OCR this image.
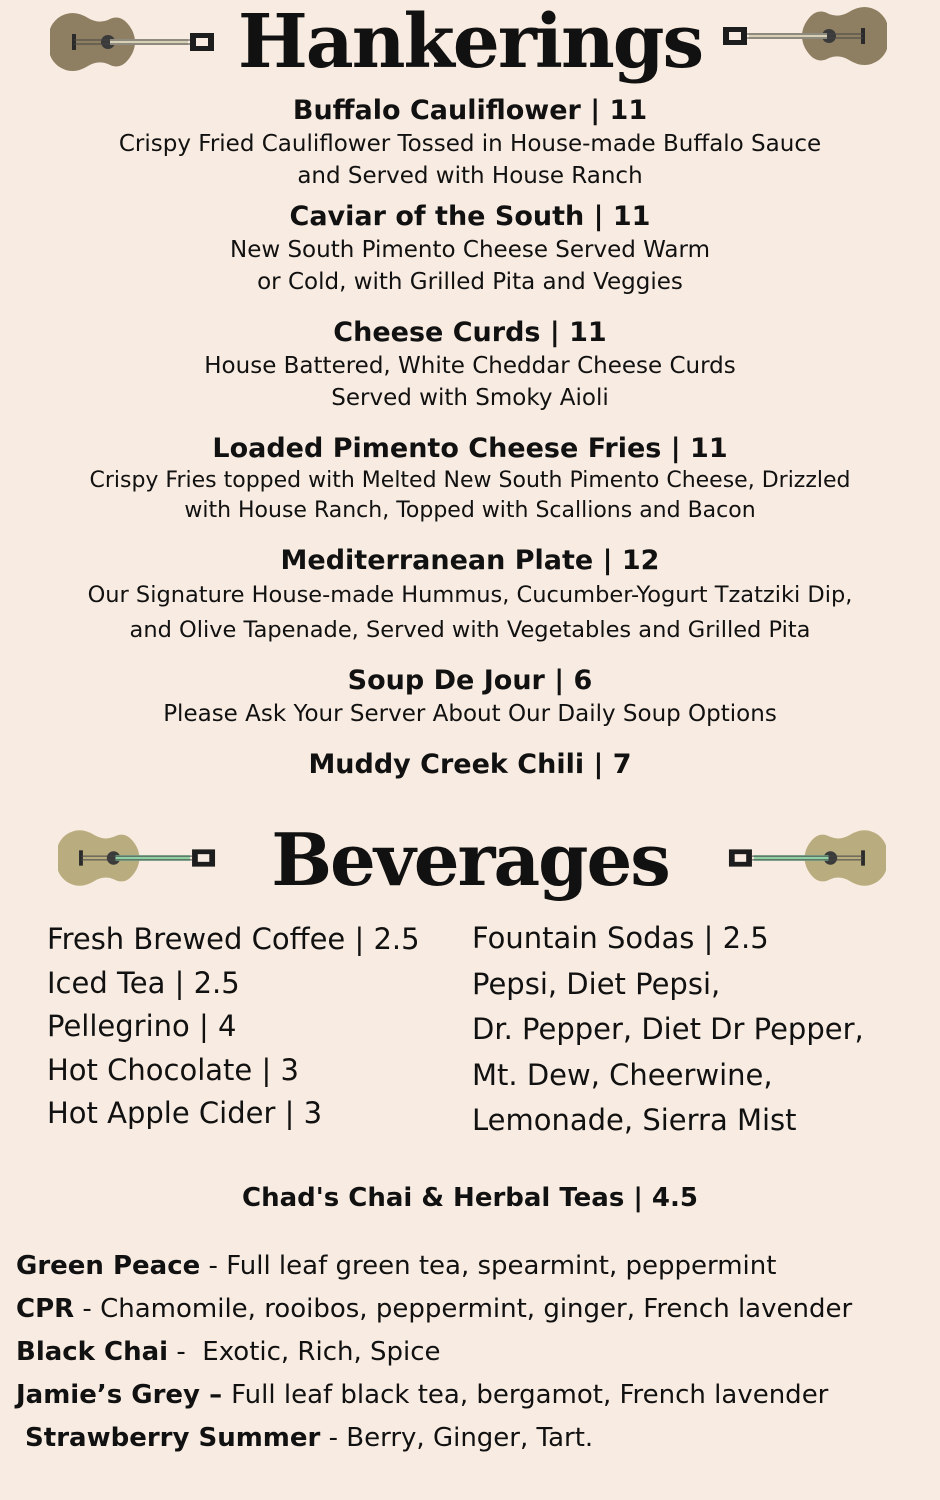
Hankerings
Buffalo Cauliflower | 11
Crispy Fried Cauliflower Tossed in House-made Buffalo Sauce
and Served with House Ranch
Caviar of the South | 11
New South Pimento Cheese Served Warm
or Cold, with Grilled Pita and Veggies
Cheese Curds | 11
House Battered, White Cheddar Cheese Curds
Served with Smoky Aioli
Loaded Pimento Cheese Fries | 11
Crispy Fries topped with Melted New South Pimento Cheese, Drizzled
with House Ranch, Topped with Scallions and Bacon
Mediterranean Plate | 12
Our Signature House-made Hummus, Cucumber-Yogurt Tzatziki Dip,
and Olive Tapenade, Served with Vegetables and Grilled Pita
Soup De Jour | 6
Please Ask Your Server About Our Daily Soup Options
Muddy Creek Chili | 7
Beverages
Fresh Brewed Coffee | 2.5
Iced Tea | 2.5
Pellegrino | 4
Hot Chocolate | 3
Hot Apple Cider | 3
Fountain Sodas | 2.5
Pepsi, Diet Pepsi,
Dr. Pepper, Diet Dr Pepper,
Mt. Dew, Cheerwine,
Lemonade, Sierra Mist
Chad's Chai & Herbal Teas | 4.5
Green Peace - Full leaf green tea, spearmint, peppermint
CPR - Chamomile, rooibos, peppermint, ginger, French lavender
Black Chai -  Exotic, Rich, Spice
Jamie’s Grey – Full leaf black tea, bergamot, French lavender
Strawberry Summer - Berry, Ginger, Tart.
